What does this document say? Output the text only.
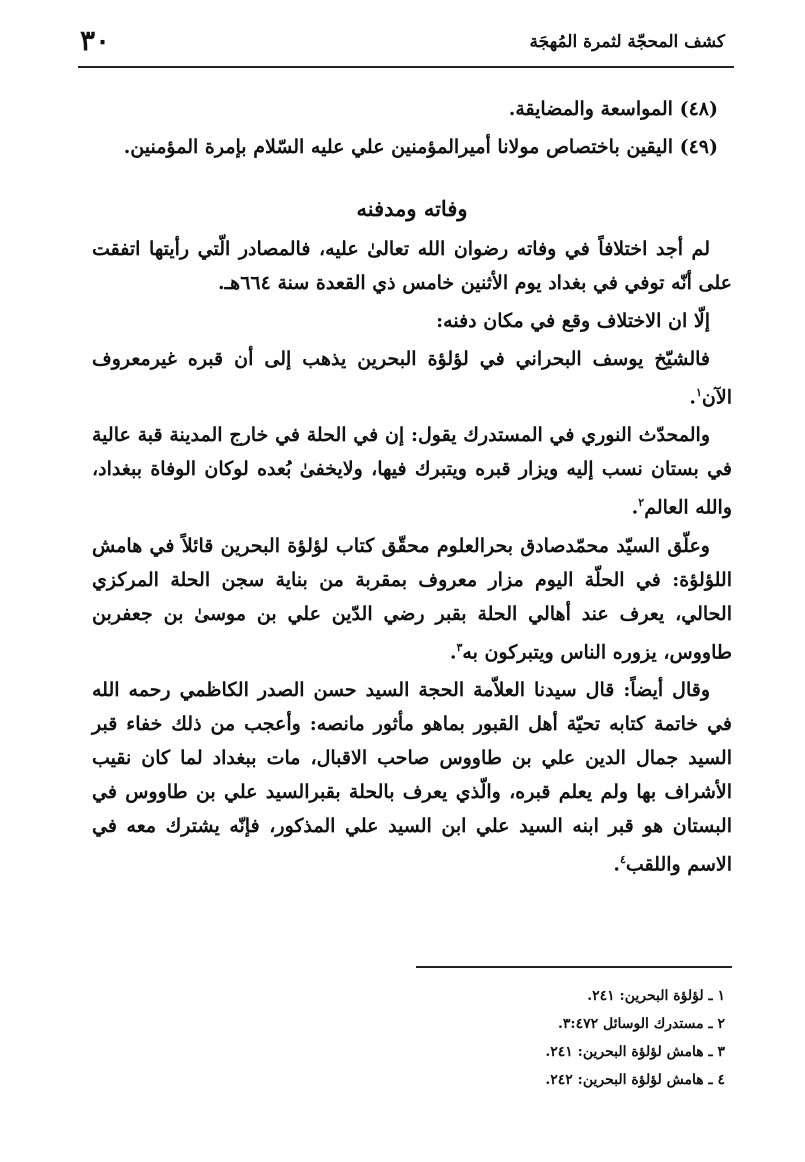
كشف المحجّة لثمرة المُهجَة
٣٠
(٤٨) المواسعة والمضايقة.
(٤٩) اليقين باختصاص مولانا أميرالمؤمنين علي عليه السّلام بإمرة المؤمنين.
وفاته ومدفنه

لم أجد اختلافاً في وفاته رضوان الله تعالىٰ عليه، فالمصادر الّتي رأيتها اتفقت على أنّه توفي في بغداد يوم الأثنين خامس ذي القعدة سنة ٦٦٤هـ.

إلّا ان الاختلاف وقع في مكان دفنه:

فالشيّخ يوسف البحراني في لؤلؤة البحرين يذهب إلى أن قبره غيرمعروف الآن$^١$.

والمحدّث النوري في المستدرك يقول: إن في الحلة في خارج المدينة قبة عالية في بستان نسب إليه ويزار قبره ويتبرك فيها، ولايخفىٰ بُعده لوكان الوفاة ببغداد، والله العالم$^٢$.

وعلّق السيّد محمّدصادق بحرالعلوم محقّق كتاب لؤلؤة البحرين قائلاً في هامش اللؤلؤة: في الحلّة اليوم مزار معروف بمقربة من بناية سجن الحلة المركزي الحالي، يعرف عند أهالي الحلة بقبر رضي الدّين علي بن موسىٰ بن جعفربن طاووس، يزوره الناس ويتبركون به$^٣$.

وقال أيضاً: قال سيدنا العلاّمة الحجة السيد حسن الصدر الكاظمي رحمه الله في خاتمة كتابه تحيّة أهل القبور بماهو مأثور مانصه: وأعجب من ذلك خفاء قبر السيد جمال الدين علي بن طاووس صاحب الاقبال، مات ببغداد لما كان نقيب الأشراف بها ولم يعلم قبره، والّذي يعرف بالحلة بقبرالسيد علي بن طاووس في البستان هو قبر ابنه السيد علي ابن السيد علي المذكور، فإنّه يشترك معه في الاسم واللقب$^٤$.

١ ـ لؤلؤة البحرين: ٢٤١.
٢ ـ مستدرك الوسائل ٣:٤٧٢.
٣ ـ هامش لؤلؤة البحرين: ٢٤١.
٤ ـ هامش لؤلؤة البحرين: ٢٤٢.
